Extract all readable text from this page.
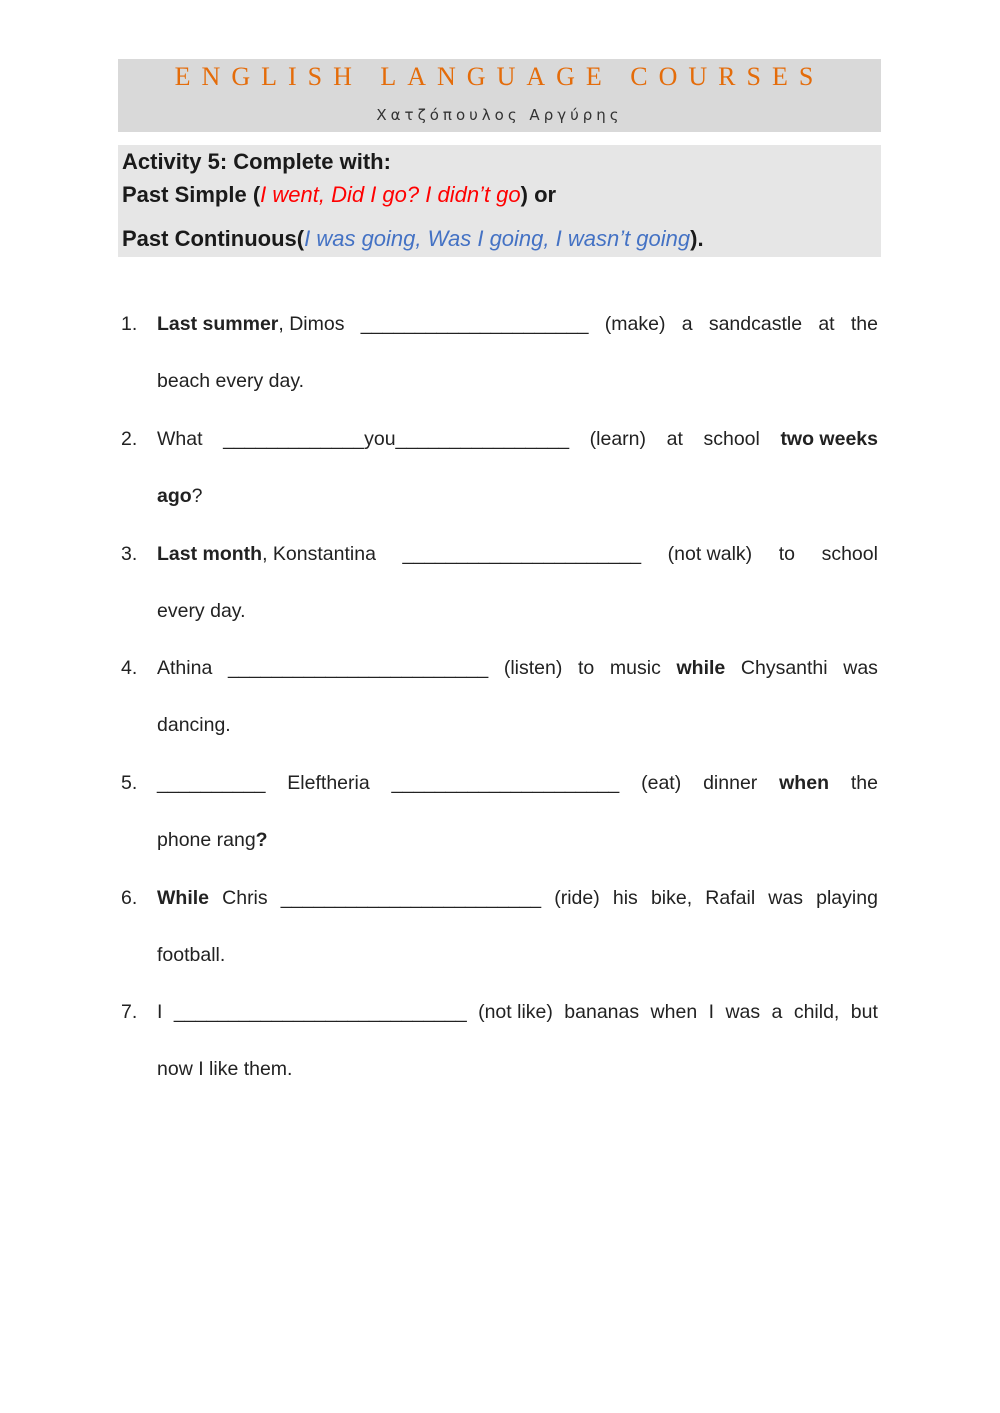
ENGLISH LANGUAGE COURSES
Χατζόπουλος Αργύρης
Activity 5: Complete with:
Past Simple (I went, Did I go? I didn’t go) or
Past Continuous(I was going, Was I going, I wasn’t going).
1. Last summer, Dimos _____________________ (make) a sandcastle at the
beach every day.
2. What _____________you________________ (learn) at school two weeks
ago?
3. Last month, Konstantina ______________________ (not walk) to school
every day.
4. Athina ________________________ (listen) to music while Chysanthi was
dancing.
5. __________ Eleftheria _____________________ (eat) dinner when the
phone rang?
6. While Chris ________________________ (ride) his bike, Rafail was playing
football.
7. I ___________________________ (not like) bananas when I was a child, but
now I like them.
